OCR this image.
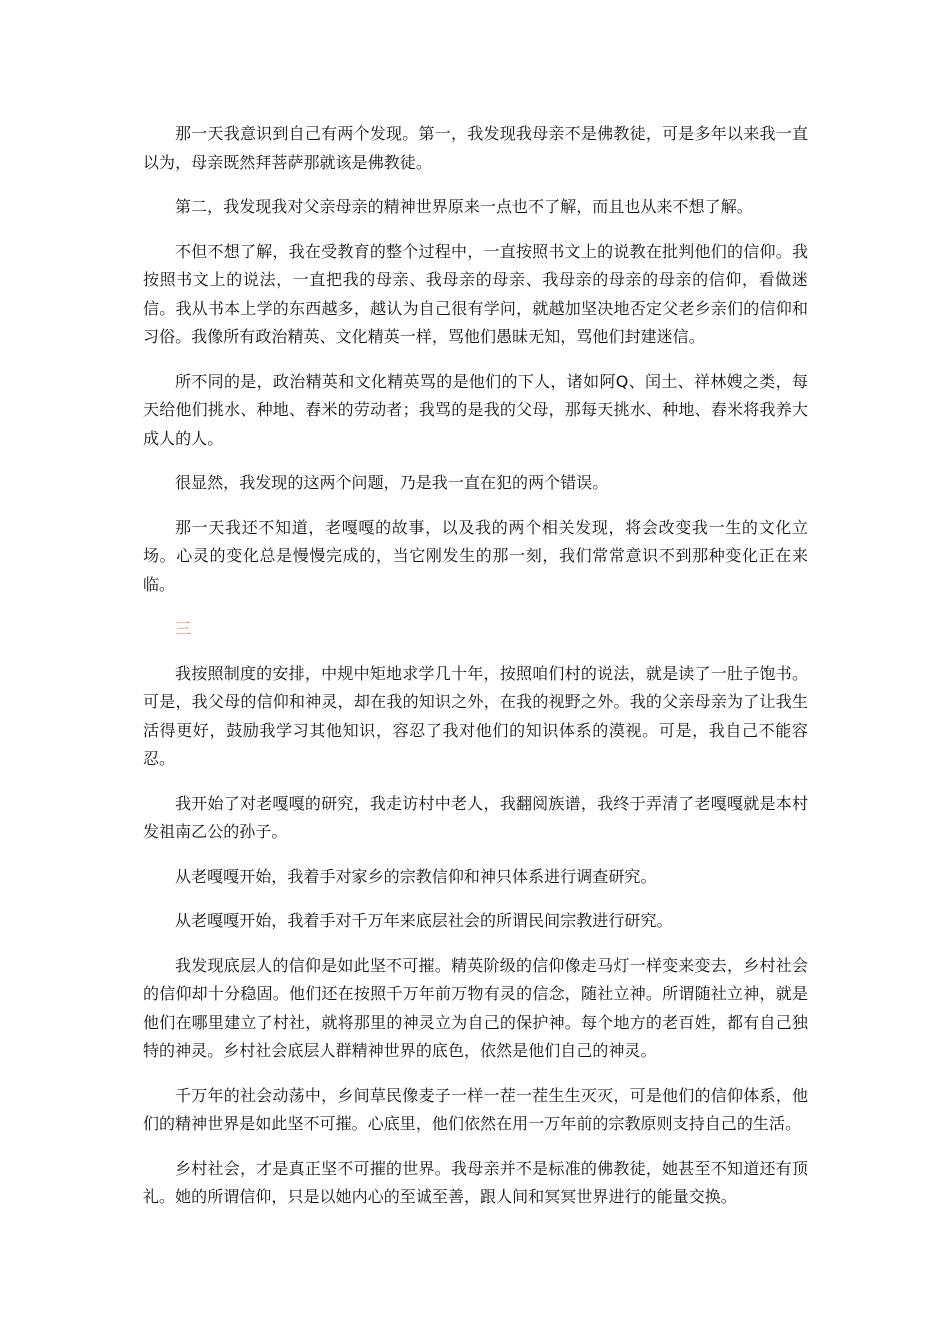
那一天我意识到自己有两个发现。第一，我发现我母亲不是佛教徒，可是多年以来我一直以为，母亲既然拜菩萨那就该是佛教徒。

第二，我发现我对父亲母亲的精神世界原来一点也不了解，而且也从来不想了解。

不但不想了解，我在受教育的整个过程中，一直按照书文上的说教在批判他们的信仰。我按照书文上的说法，一直把我的母亲、我母亲的母亲、我母亲的母亲的母亲的信仰，看做迷信。我从书本上学的东西越多，越认为自己很有学问，就越加坚决地否定父老乡亲们的信仰和习俗。我像所有政治精英、文化精英一样，骂他们愚昧无知，骂他们封建迷信。

所不同的是，政治精英和文化精英骂的是他们的下人，诸如阿Q、闰土、祥林嫂之类，每天给他们挑水、种地、舂米的劳动者；我骂的是我的父母，那每天挑水、种地、舂米将我养大成人的人。

很显然，我发现的这两个问题，乃是我一直在犯的两个错误。

那一天我还不知道，老嘎嘎的故事，以及我的两个相关发现，将会改变我一生的文化立场。心灵的变化总是慢慢完成的，当它刚发生的那一刻，我们常常意识不到那种变化正在来临。

三

我按照制度的安排，中规中矩地求学几十年，按照咱们村的说法，就是读了一肚子饱书。可是，我父母的信仰和神灵，却在我的知识之外，在我的视野之外。我的父亲母亲为了让我生活得更好，鼓励我学习其他知识，容忍了我对他们的知识体系的漠视。可是，我自己不能容忍。

我开始了对老嘎嘎的研究，我走访村中老人，我翻阅族谱，我终于弄清了老嘎嘎就是本村发祖南乙公的孙子。

从老嘎嘎开始，我着手对家乡的宗教信仰和神只体系进行调查研究。

从老嘎嘎开始，我着手对千万年来底层社会的所谓民间宗教进行研究。

我发现底层人的信仰是如此坚不可摧。精英阶级的信仰像走马灯一样变来变去，乡村社会的信仰却十分稳固。他们还在按照千万年前万物有灵的信念，随社立神。所谓随社立神，就是他们在哪里建立了村社，就将那里的神灵立为自己的保护神。每个地方的老百姓，都有自己独特的神灵。乡村社会底层人群精神世界的底色，依然是他们自己的神灵。

千万年的社会动荡中，乡间草民像麦子一样一茬一茬生生灭灭，可是他们的信仰体系，他们的精神世界是如此坚不可摧。心底里，他们依然在用一万年前的宗教原则支持自己的生活。

乡村社会，才是真正坚不可摧的世界。我母亲并不是标准的佛教徒，她甚至不知道还有顶礼。她的所谓信仰，只是以她内心的至诚至善，跟人间和冥冥世界进行的能量交换。
